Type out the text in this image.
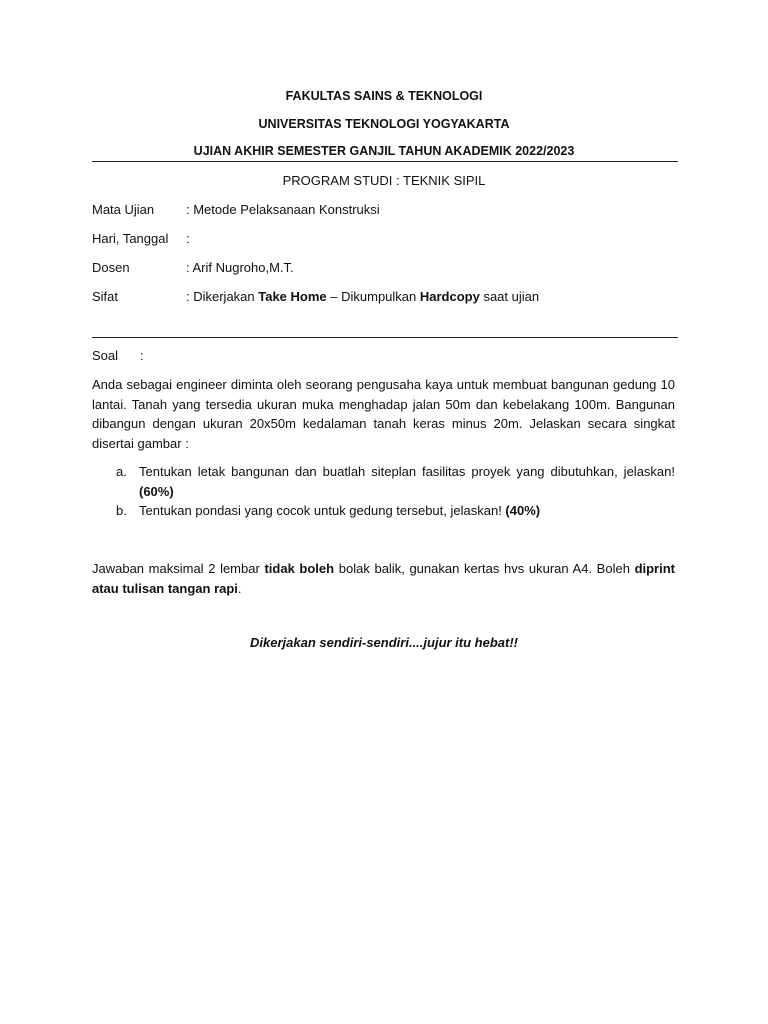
FAKULTAS SAINS & TEKNOLOGI
UNIVERSITAS TEKNOLOGI YOGYAKARTA
UJIAN AKHIR SEMESTER GANJIL TAHUN AKADEMIK 2022/2023
PROGRAM STUDI : TEKNIK SIPIL
Mata Ujian : Metode Pelaksanaan Konstruksi
Hari, Tanggal :
Dosen	: Arif Nugroho,M.T.
Sifat	: Dikerjakan Take Home – Dikumpulkan Hardcopy saat ujian
Soal :
Anda sebagai engineer diminta oleh seorang pengusaha kaya untuk membuat bangunan gedung 10 lantai. Tanah yang tersedia ukuran muka menghadap jalan 50m dan kebelakang 100m. Bangunan dibangun dengan ukuran 20x50m kedalaman tanah keras minus 20m. Jelaskan secara singkat disertai gambar :
a. Tentukan letak bangunan dan buatlah siteplan fasilitas proyek yang dibutuhkan, jelaskan! (60%)
b. Tentukan pondasi yang cocok untuk gedung tersebut, jelaskan! (40%)
Jawaban maksimal 2 lembar tidak boleh bolak balik, gunakan kertas hvs ukuran A4. Boleh diprint atau tulisan tangan rapi.
Dikerjakan sendiri-sendiri....jujur itu hebat!!
